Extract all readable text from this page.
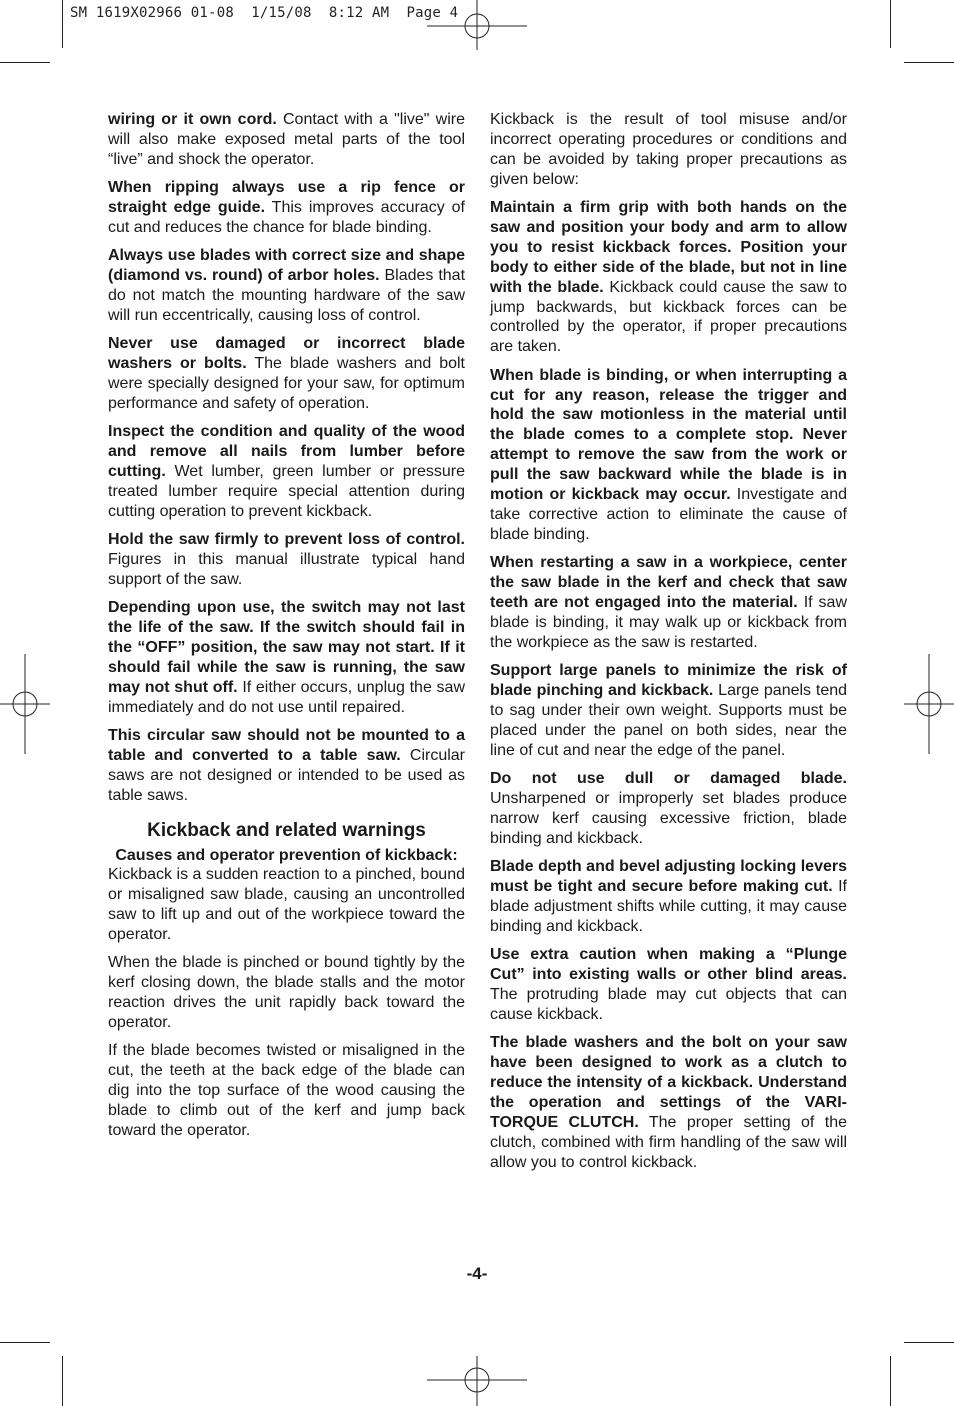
SM 1619X02966 01-08  1/15/08  8:12 AM  Page 4

wiring or it own cord. Contact with a "live" wire will also make exposed metal parts of the tool “live” and shock the operator.

When ripping always use a rip fence or straight edge guide. This improves accuracy of cut and reduces the chance for blade binding.

Always use blades with correct size and shape (diamond vs. round) of arbor holes. Blades that do not match the mounting hardware of the saw will run eccentrically, causing loss of control.

Never use damaged or incorrect blade washers or bolts. The blade washers and bolt were specially designed for your saw, for optimum performance and safety of operation.

Inspect the condition and quality of the wood and remove all nails from lumber before cutting. Wet lumber, green lumber or pressure treated lumber require special attention during cutting operation to prevent kickback.

Hold the saw firmly to prevent loss of control. Figures in this manual illustrate typical hand support of the saw.

Depending upon use, the switch may not last the life of the saw. If the switch should fail in the “OFF” position, the saw may not start. If it should fail while the saw is running, the saw may not shut off. If either occurs, unplug the saw immediately and do not use until repaired.

This circular saw should not be mounted to a table and converted to a table saw. Circular saws are not designed or intended to be used as table saws.

Kickback and related warnings
Causes and operator prevention of kickback:

Kickback is a sudden reaction to a pinched, bound or misaligned saw blade, causing an uncontrolled saw to lift up and out of the workpiece toward the operator.

When the blade is pinched or bound tightly by the kerf closing down, the blade stalls and the motor reaction drives the unit rapidly back toward the operator.

If the blade becomes twisted or misaligned in the cut, the teeth at the back edge of the blade can dig into the top surface of the wood causing the blade to climb out of the kerf and jump back toward the operator.

Kickback is the result of tool misuse and/or incorrect operating procedures or conditions and can be avoided by taking proper precautions as given below:

Maintain a firm grip with both hands on the saw and position your body and arm to allow you to resist kickback forces. Position your body to either side of the blade, but not in line with the blade. Kickback could cause the saw to jump backwards, but kickback forces can be controlled by the operator, if proper precautions are taken.

When blade is binding, or when interrupting a cut for any reason, release the trigger and hold the saw motionless in the material until the blade comes to a complete stop. Never attempt to remove the saw from the work or pull the saw backward while the blade is in motion or kickback may occur. Investigate and take corrective action to eliminate the cause of blade binding.

When restarting a saw in a workpiece, center the saw blade in the kerf and check that saw teeth are not engaged into the material. If saw blade is binding, it may walk up or kickback from the workpiece as the saw is restarted.

Support large panels to minimize the risk of blade pinching and kickback. Large panels tend to sag under their own weight. Supports must be placed under the panel on both sides, near the line of cut and near the edge of the panel.

Do not use dull or damaged blade. Unsharpened or improperly set blades produce narrow kerf causing excessive friction, blade binding and kickback.

Blade depth and bevel adjusting locking levers must be tight and secure before making cut. If blade adjustment shifts while cutting, it may cause binding and kickback.

Use extra caution when making a “Plunge Cut” into existing walls or other blind areas. The protruding blade may cut objects that can cause kickback.

The blade washers and the bolt on your saw have been designed to work as a clutch to reduce the intensity of a kickback. Understand the operation and settings of the VARI-TORQUE CLUTCH. The proper setting of the clutch, combined with firm handling of the saw will allow you to control kickback.

-4-
